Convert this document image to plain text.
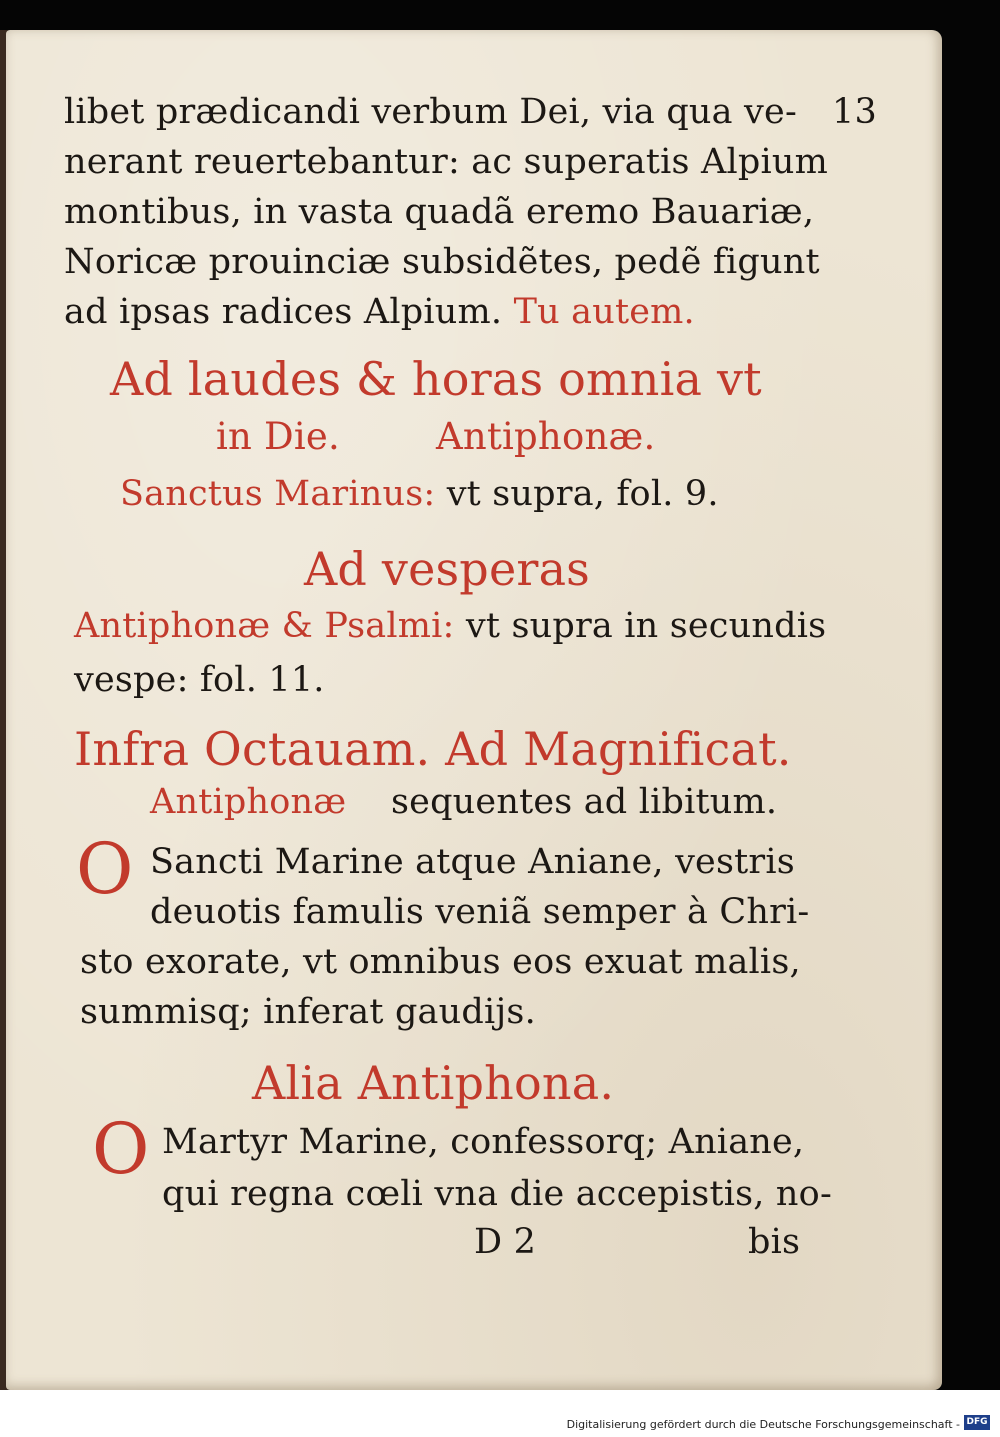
libet prædicandi verbum Dei, via qua ve- 13

nerant reuertebantur: ac superatis Alpium

montibus, in vasta quadã eremo Bauariæ,

Noricæ prouinciæ subsidẽtes, pedẽ figunt

ad ipsas radices Alpium. Tu autem.

Ad laudes & horas omnia vt

in Die.	Antiphonæ.

Sanctus Marinus: vt supra, fol. 9.

Ad vesperas

Antiphonæ & Psalmi: vt supra in secundis

vespe: fol. 11.

Infra Octauam. Ad Magnificat.

Antiphonæ sequentes ad libitum.

O Sancti Marine atque Aniane, vestris

deuotis famulis veniã semper à Chri-

sto exorate, vt omnibus eos exuat malis,

summisq; inferat gaudijs.

Alia Antiphona.

O Martyr Marine, confessorq; Aniane,

qui regna cœli vna die accepistis, no-

D 2	bis

Digitalisierung gefördert durch die Deutsche Forschungsgemeinschaft - DFG
